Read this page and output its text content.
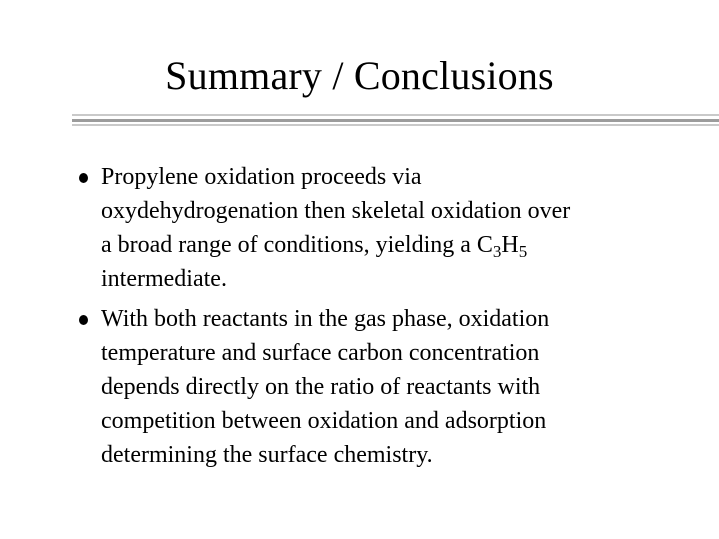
Summary / Conclusions

Propylene oxidation proceeds via
oxydehydrogenation then skeletal oxidation over
a broad range of conditions, yielding a $C_3H_5$
intermediate.

With both reactants in the gas phase, oxidation
temperature and surface carbon concentration
depends directly on the ratio of reactants with
competition between oxidation and adsorption
determining the surface chemistry.
